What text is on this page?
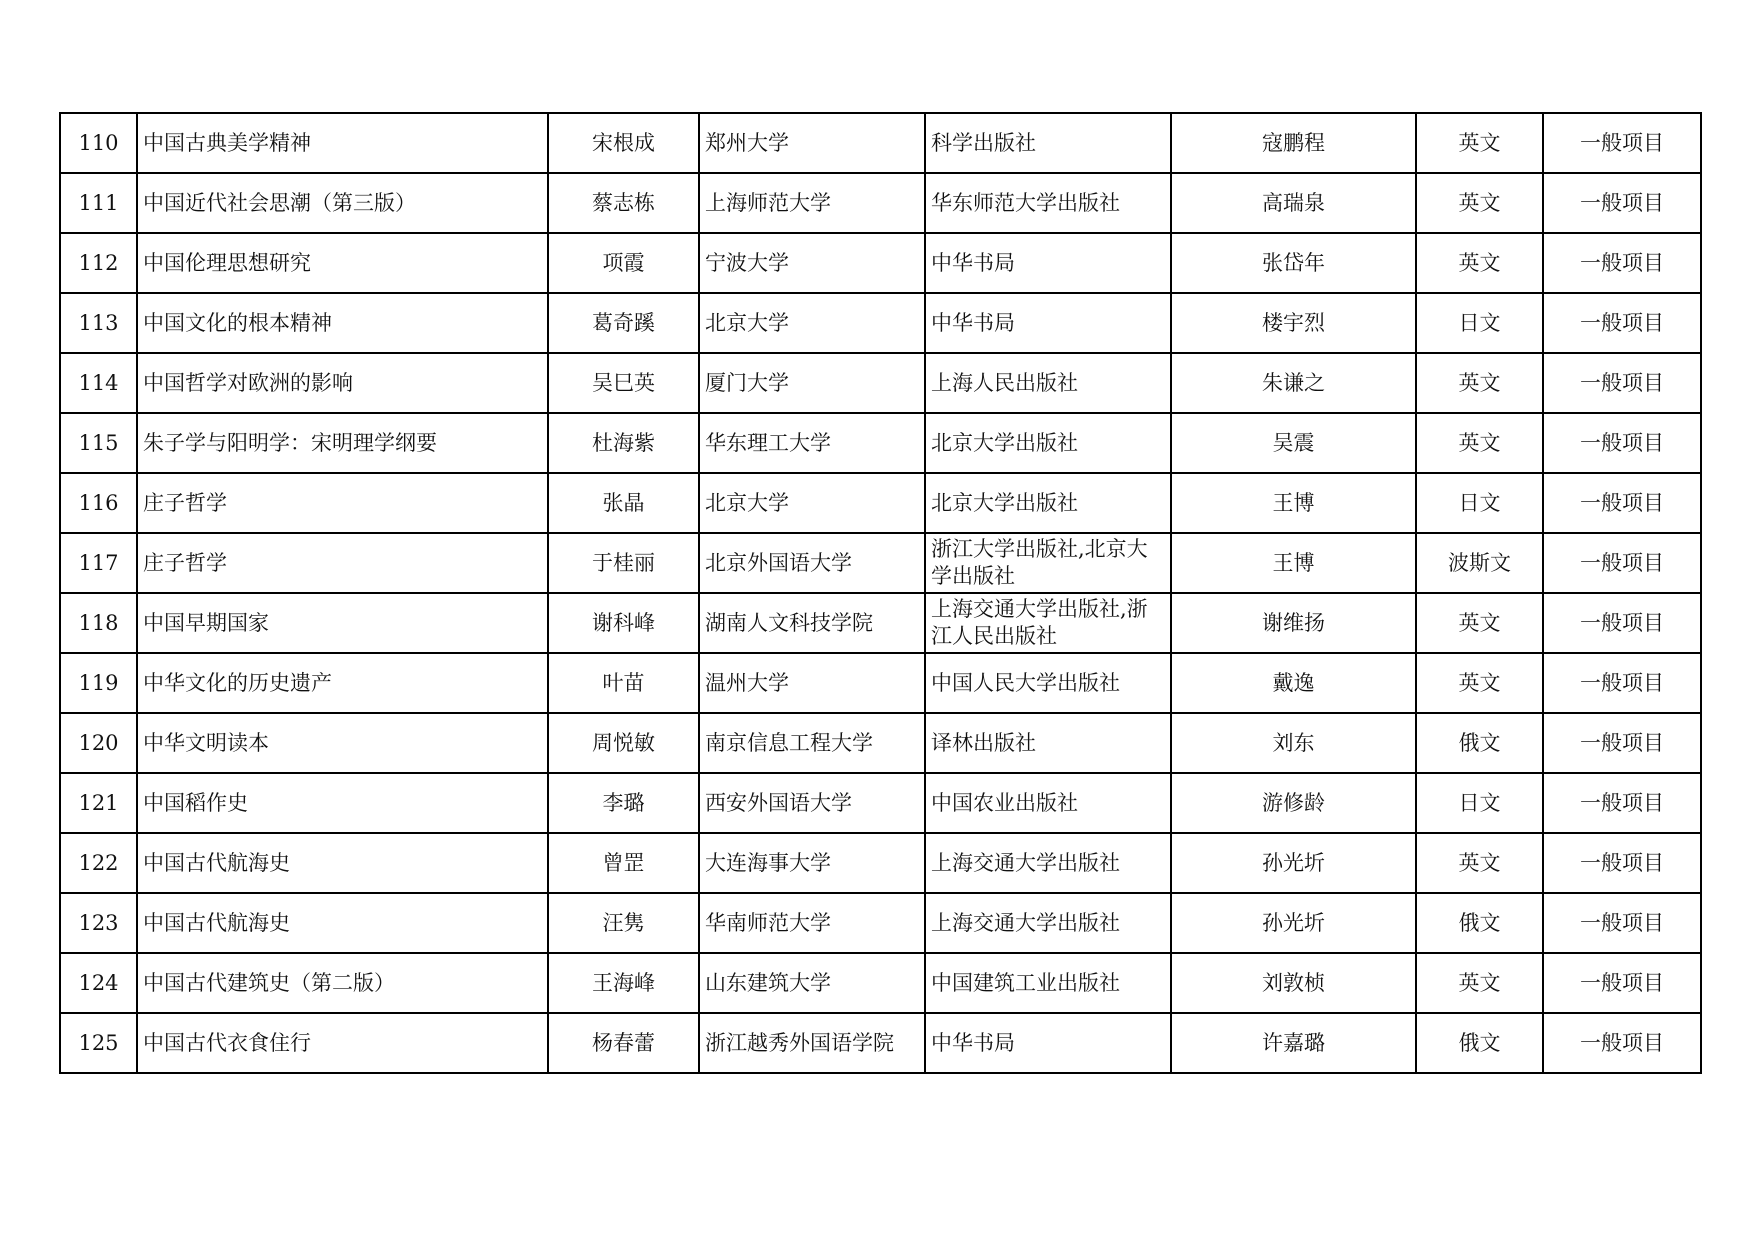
110	中国古典美学精神	宋根成	郑州大学	科学出版社	寇鹏程	英文	一般项目
111	中国近代社会思潮（第三版）	蔡志栋	上海师范大学	华东师范大学出版社	高瑞泉	英文	一般项目
112	中国伦理思想研究	项霞	宁波大学	中华书局	张岱年	英文	一般项目
113	中国文化的根本精神	葛奇蹊	北京大学	中华书局	楼宇烈	日文	一般项目
114	中国哲学对欧洲的影响	吴巳英	厦门大学	上海人民出版社	朱谦之	英文	一般项目
115	朱子学与阳明学：宋明理学纲要	杜海紫	华东理工大学	北京大学出版社	吴震	英文	一般项目
116	庄子哲学	张晶	北京大学	北京大学出版社	王博	日文	一般项目
117	庄子哲学	于桂丽	北京外国语大学	浙江大学出版社,北京大学出版社	王博	波斯文	一般项目
118	中国早期国家	谢科峰	湖南人文科技学院	上海交通大学出版社,浙江人民出版社	谢维扬	英文	一般项目
119	中华文化的历史遗产	叶苗	温州大学	中国人民大学出版社	戴逸	英文	一般项目
120	中华文明读本	周悦敏	南京信息工程大学	译林出版社	刘东	俄文	一般项目
121	中国稻作史	李璐	西安外国语大学	中国农业出版社	游修龄	日文	一般项目
122	中国古代航海史	曾罡	大连海事大学	上海交通大学出版社	孙光圻	英文	一般项目
123	中国古代航海史	汪隽	华南师范大学	上海交通大学出版社	孙光圻	俄文	一般项目
124	中国古代建筑史（第二版）	王海峰	山东建筑大学	中国建筑工业出版社	刘敦桢	英文	一般项目
125	中国古代衣食住行	杨春蕾	浙江越秀外国语学院	中华书局	许嘉璐	俄文	一般项目
